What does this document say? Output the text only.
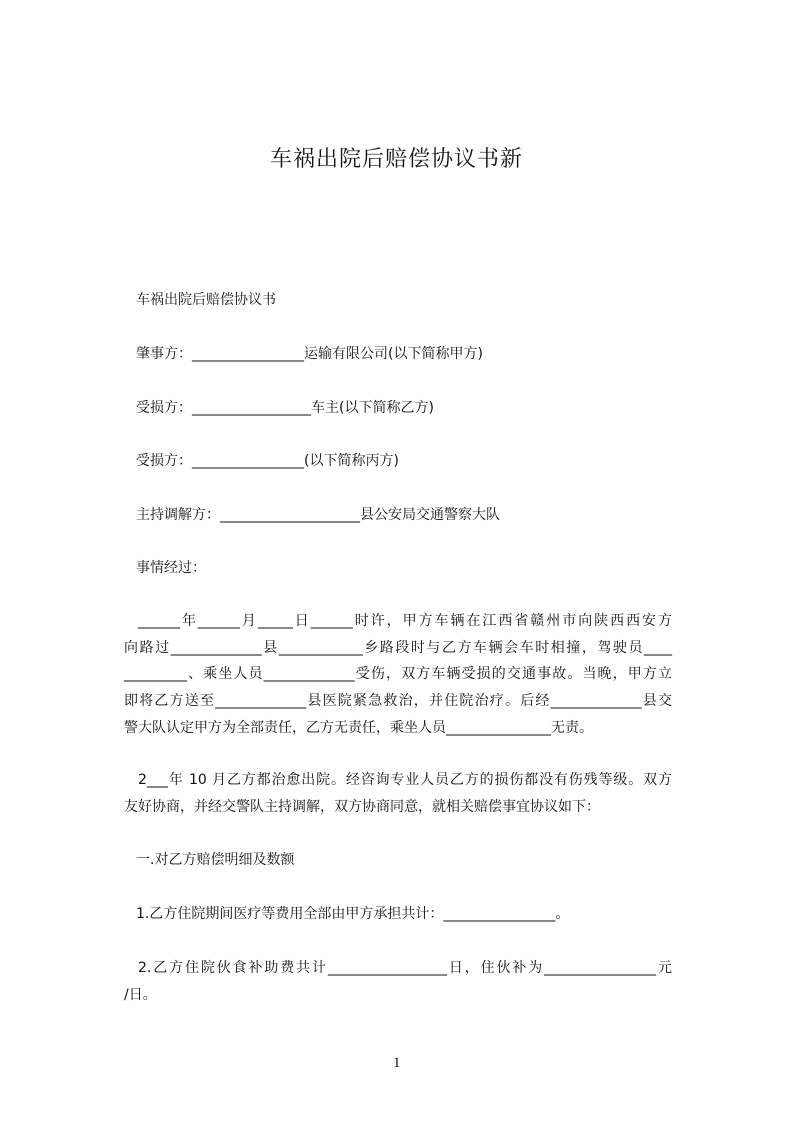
车祸出院后赔偿协议书新
车祸出院后赔偿协议书
肇事方：________________运输有限公司(以下简称甲方)
受损方：_________________车主(以下简称乙方)
受损方：________________(以下简称丙方)
主持调解方：____________________县公安局交通警察大队
事情经过：
______年______月_____日______时许，甲方车辆在江西省赣州市向陕西西安方
向路过_____________县____________乡路段时与乙方车辆会车时相撞，驾驶员____
_________、乘坐人员_____________受伤，双方车辆受损的交通事故。当晚，甲方立
即将乙方送至_____________县医院紧急救治，并住院治疗。后经_____________县交
警大队认定甲方为全部责任，乙方无责任，乘坐人员_______________无责。
2___年 10 月乙方都治愈出院。经咨询专业人员乙方的损伤都没有伤残等级。双方
友好协商，并经交警队主持调解，双方协商同意，就相关赔偿事宜协议如下：
一.对乙方赔偿明细及数额
1.乙方住院期间医疗等费用全部由甲方承担共计：________________。
2.乙方住院伙食补助费共计_________________日，住伙补为________________元
/日。
1
